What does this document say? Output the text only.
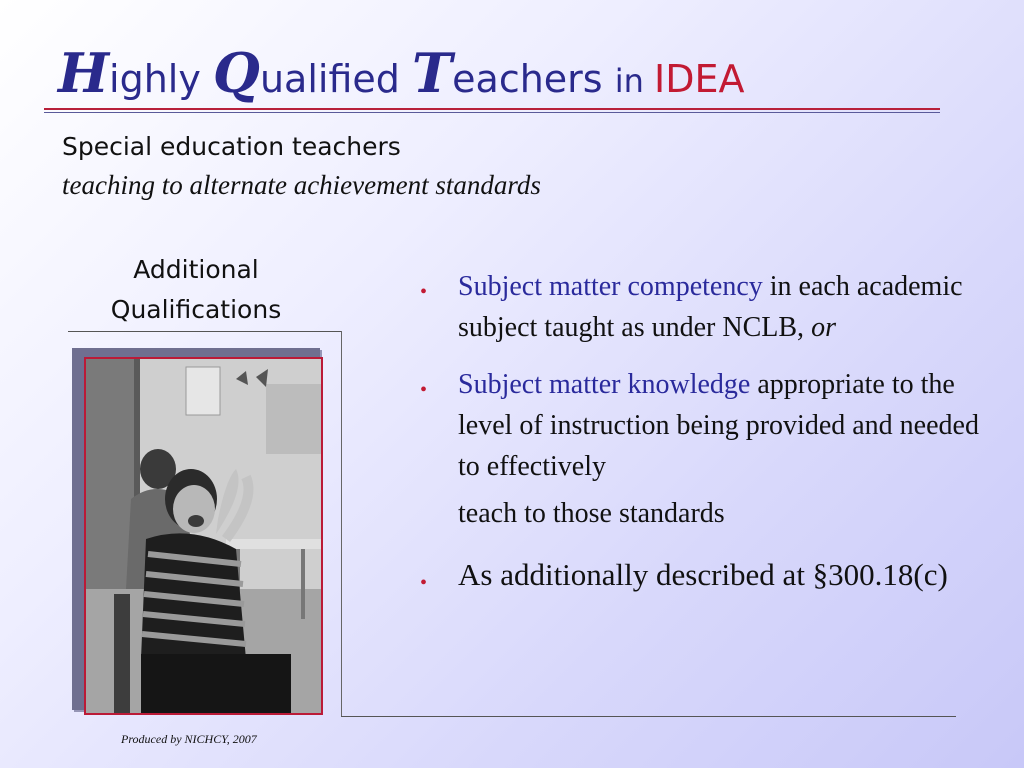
Highly Qualified Teachers in IDEA
Special education teachers
teaching to alternate achievement standards
Additional
Qualifications
• Subject matter competency in each academic subject taught as under NCLB, or
• Subject matter knowledge appropriate to the level of instruction being provided and needed to effectively
teach to those standards
• As additionally described at §300.18(c)
Produced by NICHCY, 2007
